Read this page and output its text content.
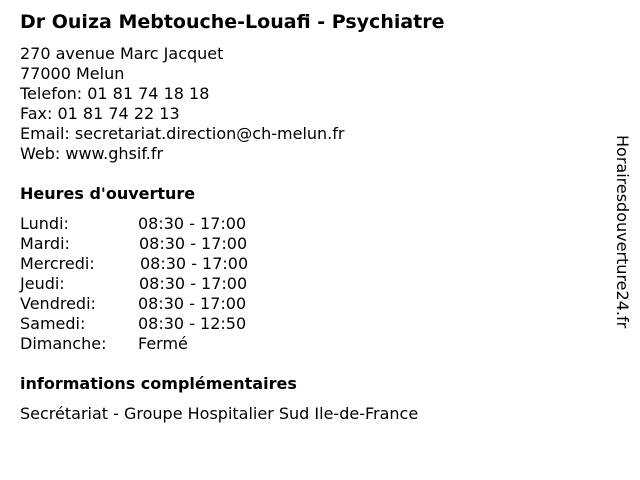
Dr Ouiza Mebtouche-Louafi - Psychiatre
270 avenue Marc Jacquet
77000 Melun
Telefon: 01 81 74 18 18
Fax: 01 81 74 22 13
Email: secretariat.direction@ch-melun.fr
Web: www.ghsif.fr
Heures d'ouverture
Lundi:	08:30 - 17:00
Mardi:	08:30 - 17:00
Mercredi:	08:30 - 17:00
Jeudi:	08:30 - 17:00
Vendredi:	08:30 - 17:00
Samedi:	08:30 - 12:50
Dimanche: Fermé
informations complémentaires
Secrétariat - Groupe Hospitalier Sud Ile-de-France
Horairesdouverture24.fr
